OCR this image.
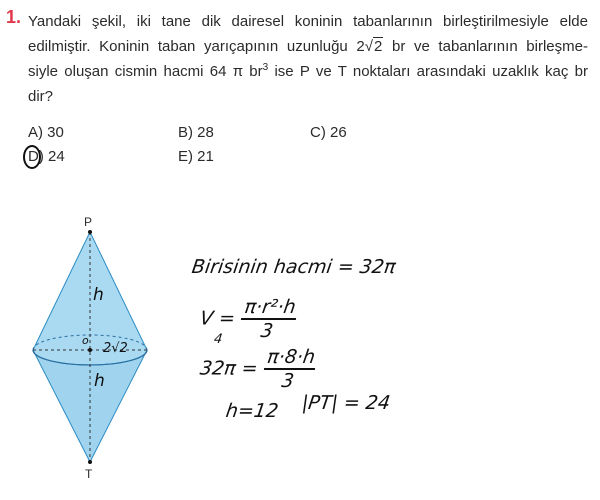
1. Yandaki şekil, iki tane dik dairesel koninin tabanlarının birleştirilmesiyle elde
edilmiştir. Koninin taban yarıçapının uzunluğu 2√2 br ve tabanlarının birleşme-
siyle oluşan cismin hacmi 64 π $br^3$ ise P ve T noktaları arasındaki uzaklık kaç br
dir?
A) 30	B) 28	C) 26
D) 24	E) 21
P
T
h
h
o
2√2
Birisinin hacmi = 32π
$V = \frac{\text{π·r²·h}}{3}$
4
$32\pi = \frac{\pi\cdot 8\cdot h}{3}$
h=12 |PT| = 24
